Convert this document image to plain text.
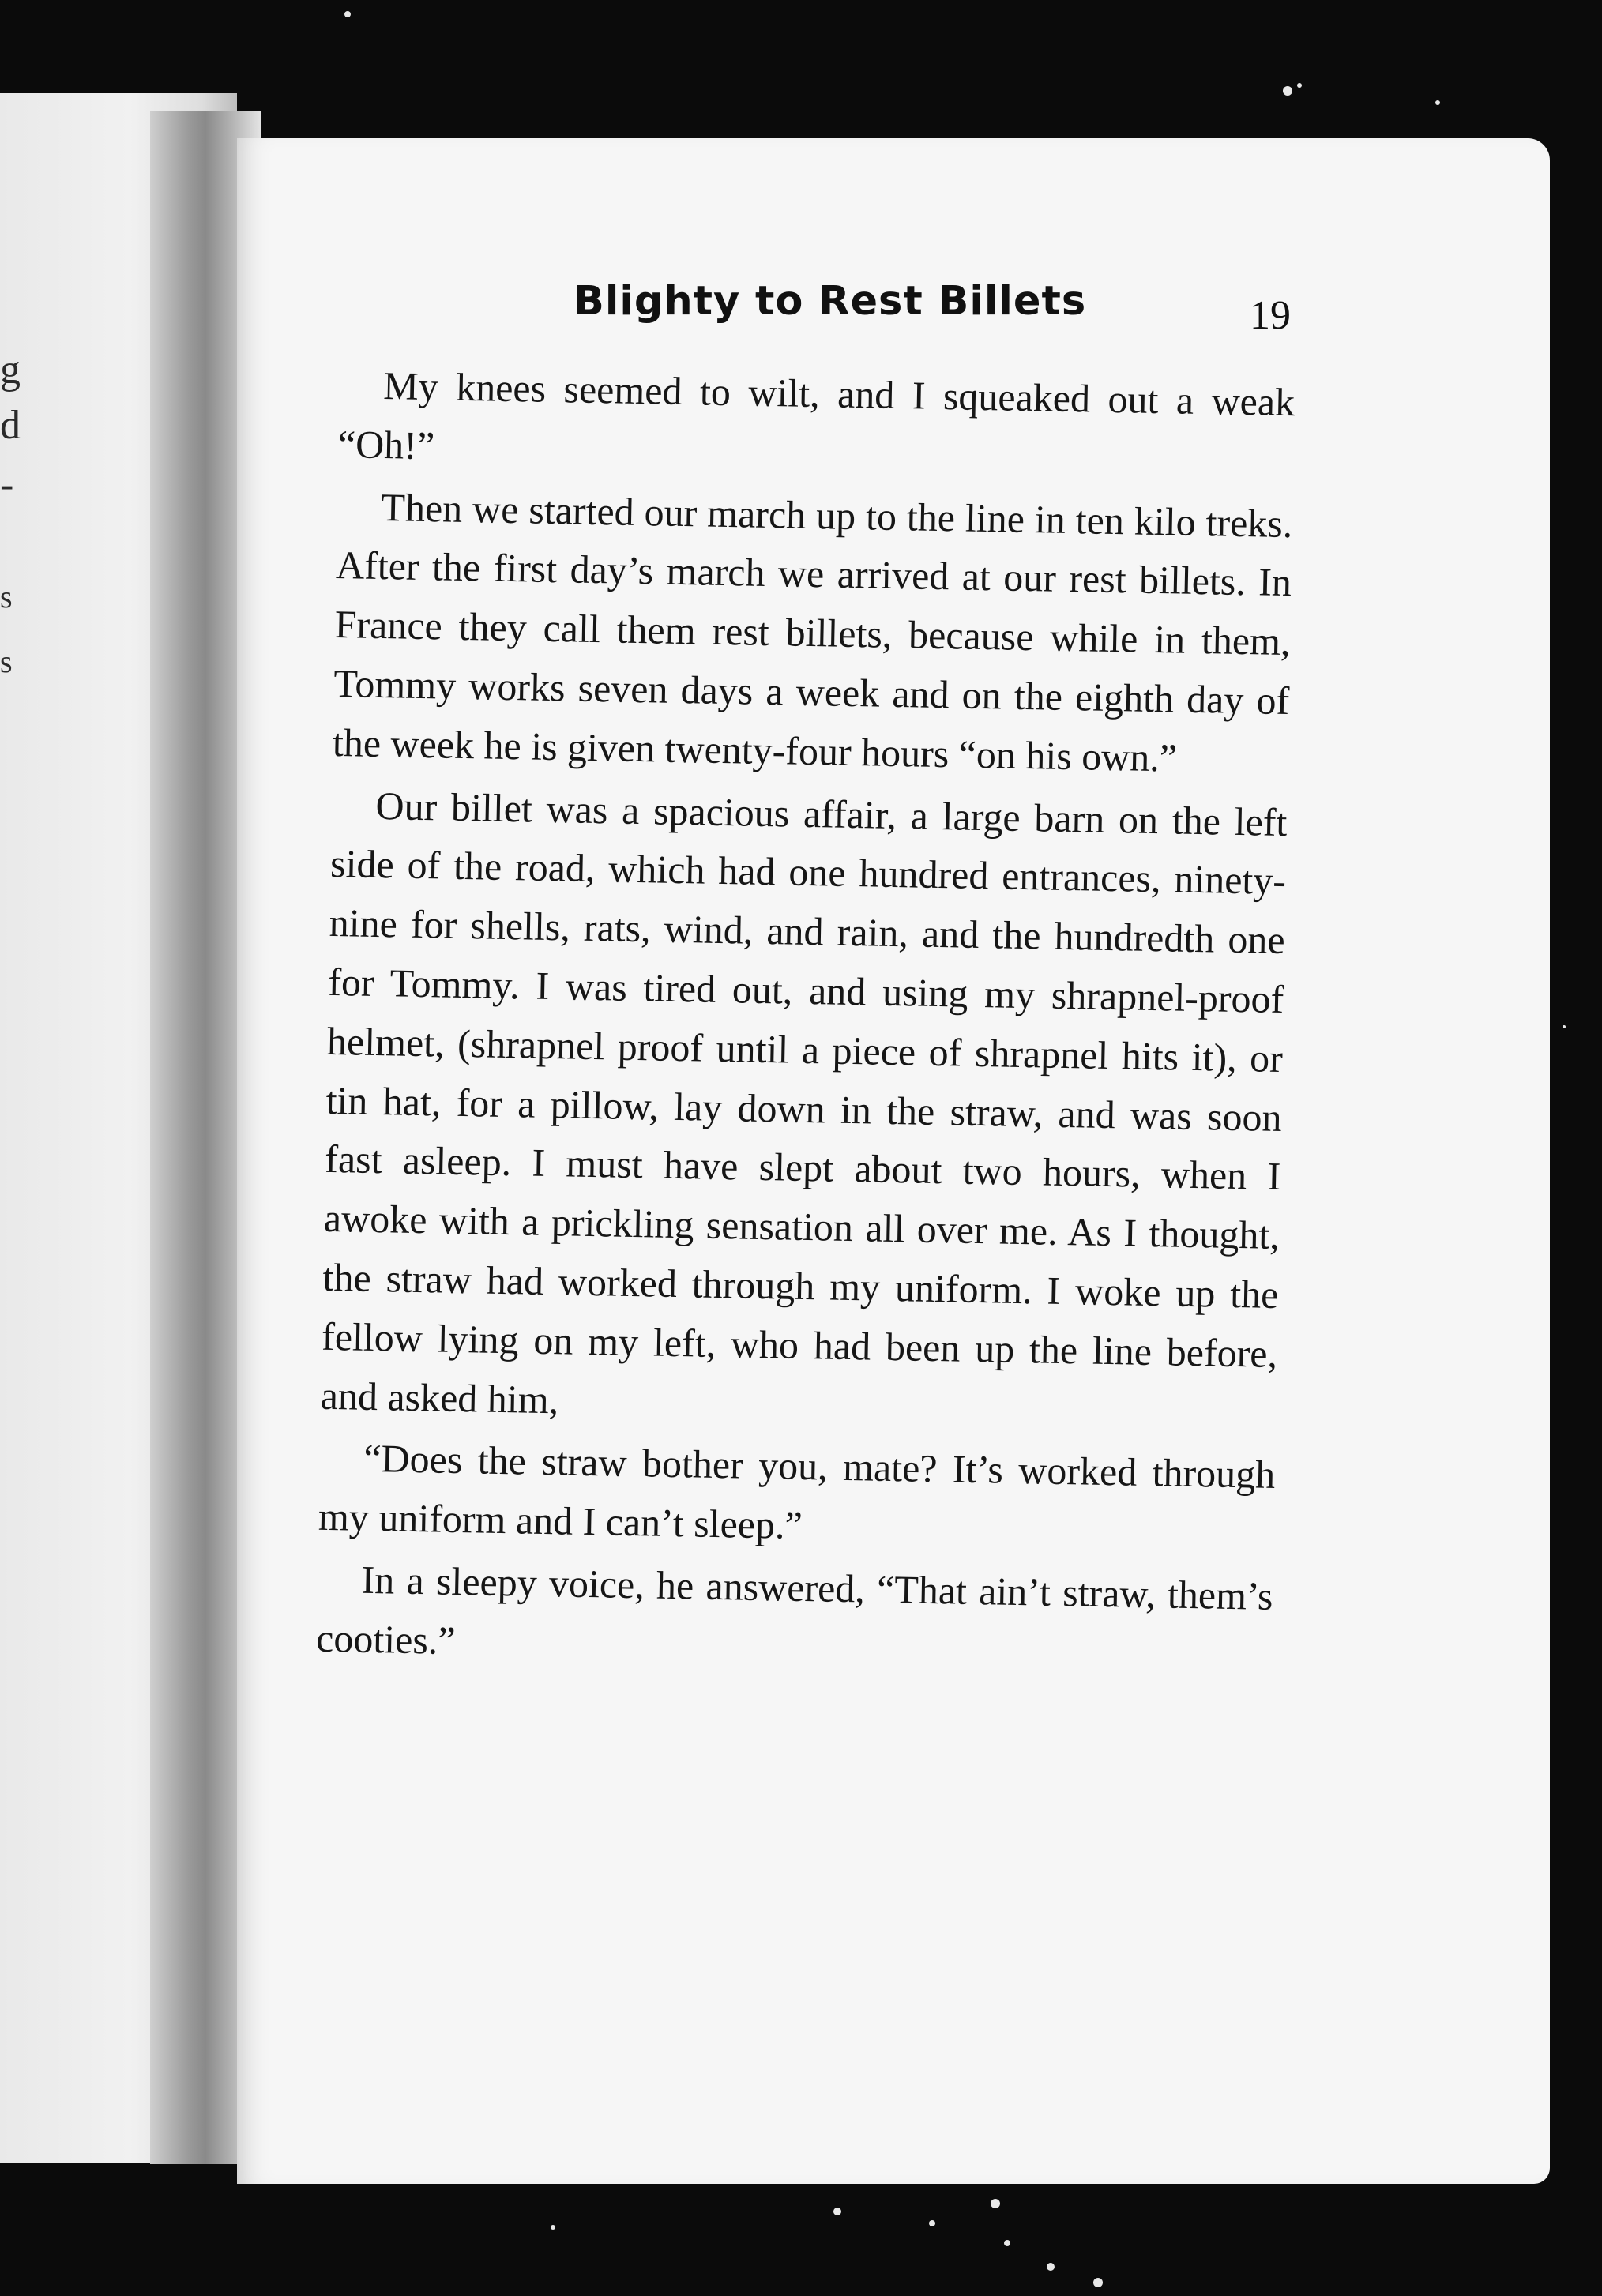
g
d
-
s
s
Blighty to Rest Billets	19

My knees seemed to wilt, and I squeaked out a weak “Oh!”

Then we started our march up to the line in ten kilo treks. After the first day’s march we arrived at our rest billets. In France they call them rest billets, because while in them, Tommy works seven days a week and on the eighth day of the week he is given twenty-four hours “on his own.”

Our billet was a spacious affair, a large barn on the left side of the road, which had one hundred entrances, ninety-nine for shells, rats, wind, and rain, and the hundredth one for Tommy. I was tired out, and using my shrapnel-proof helmet, (shrapnel proof until a piece of shrapnel hits it), or tin hat, for a pillow, lay down in the straw, and was soon fast asleep. I must have slept about two hours, when I awoke with a prickling sensation all over me. As I thought, the straw had worked through my uniform. I woke up the fellow lying on my left, who had been up the line before, and asked him,

“Does the straw bother you, mate? It’s worked through my uniform and I can’t sleep.”

In a sleepy voice, he answered, “That ain’t straw, them’s cooties.”
